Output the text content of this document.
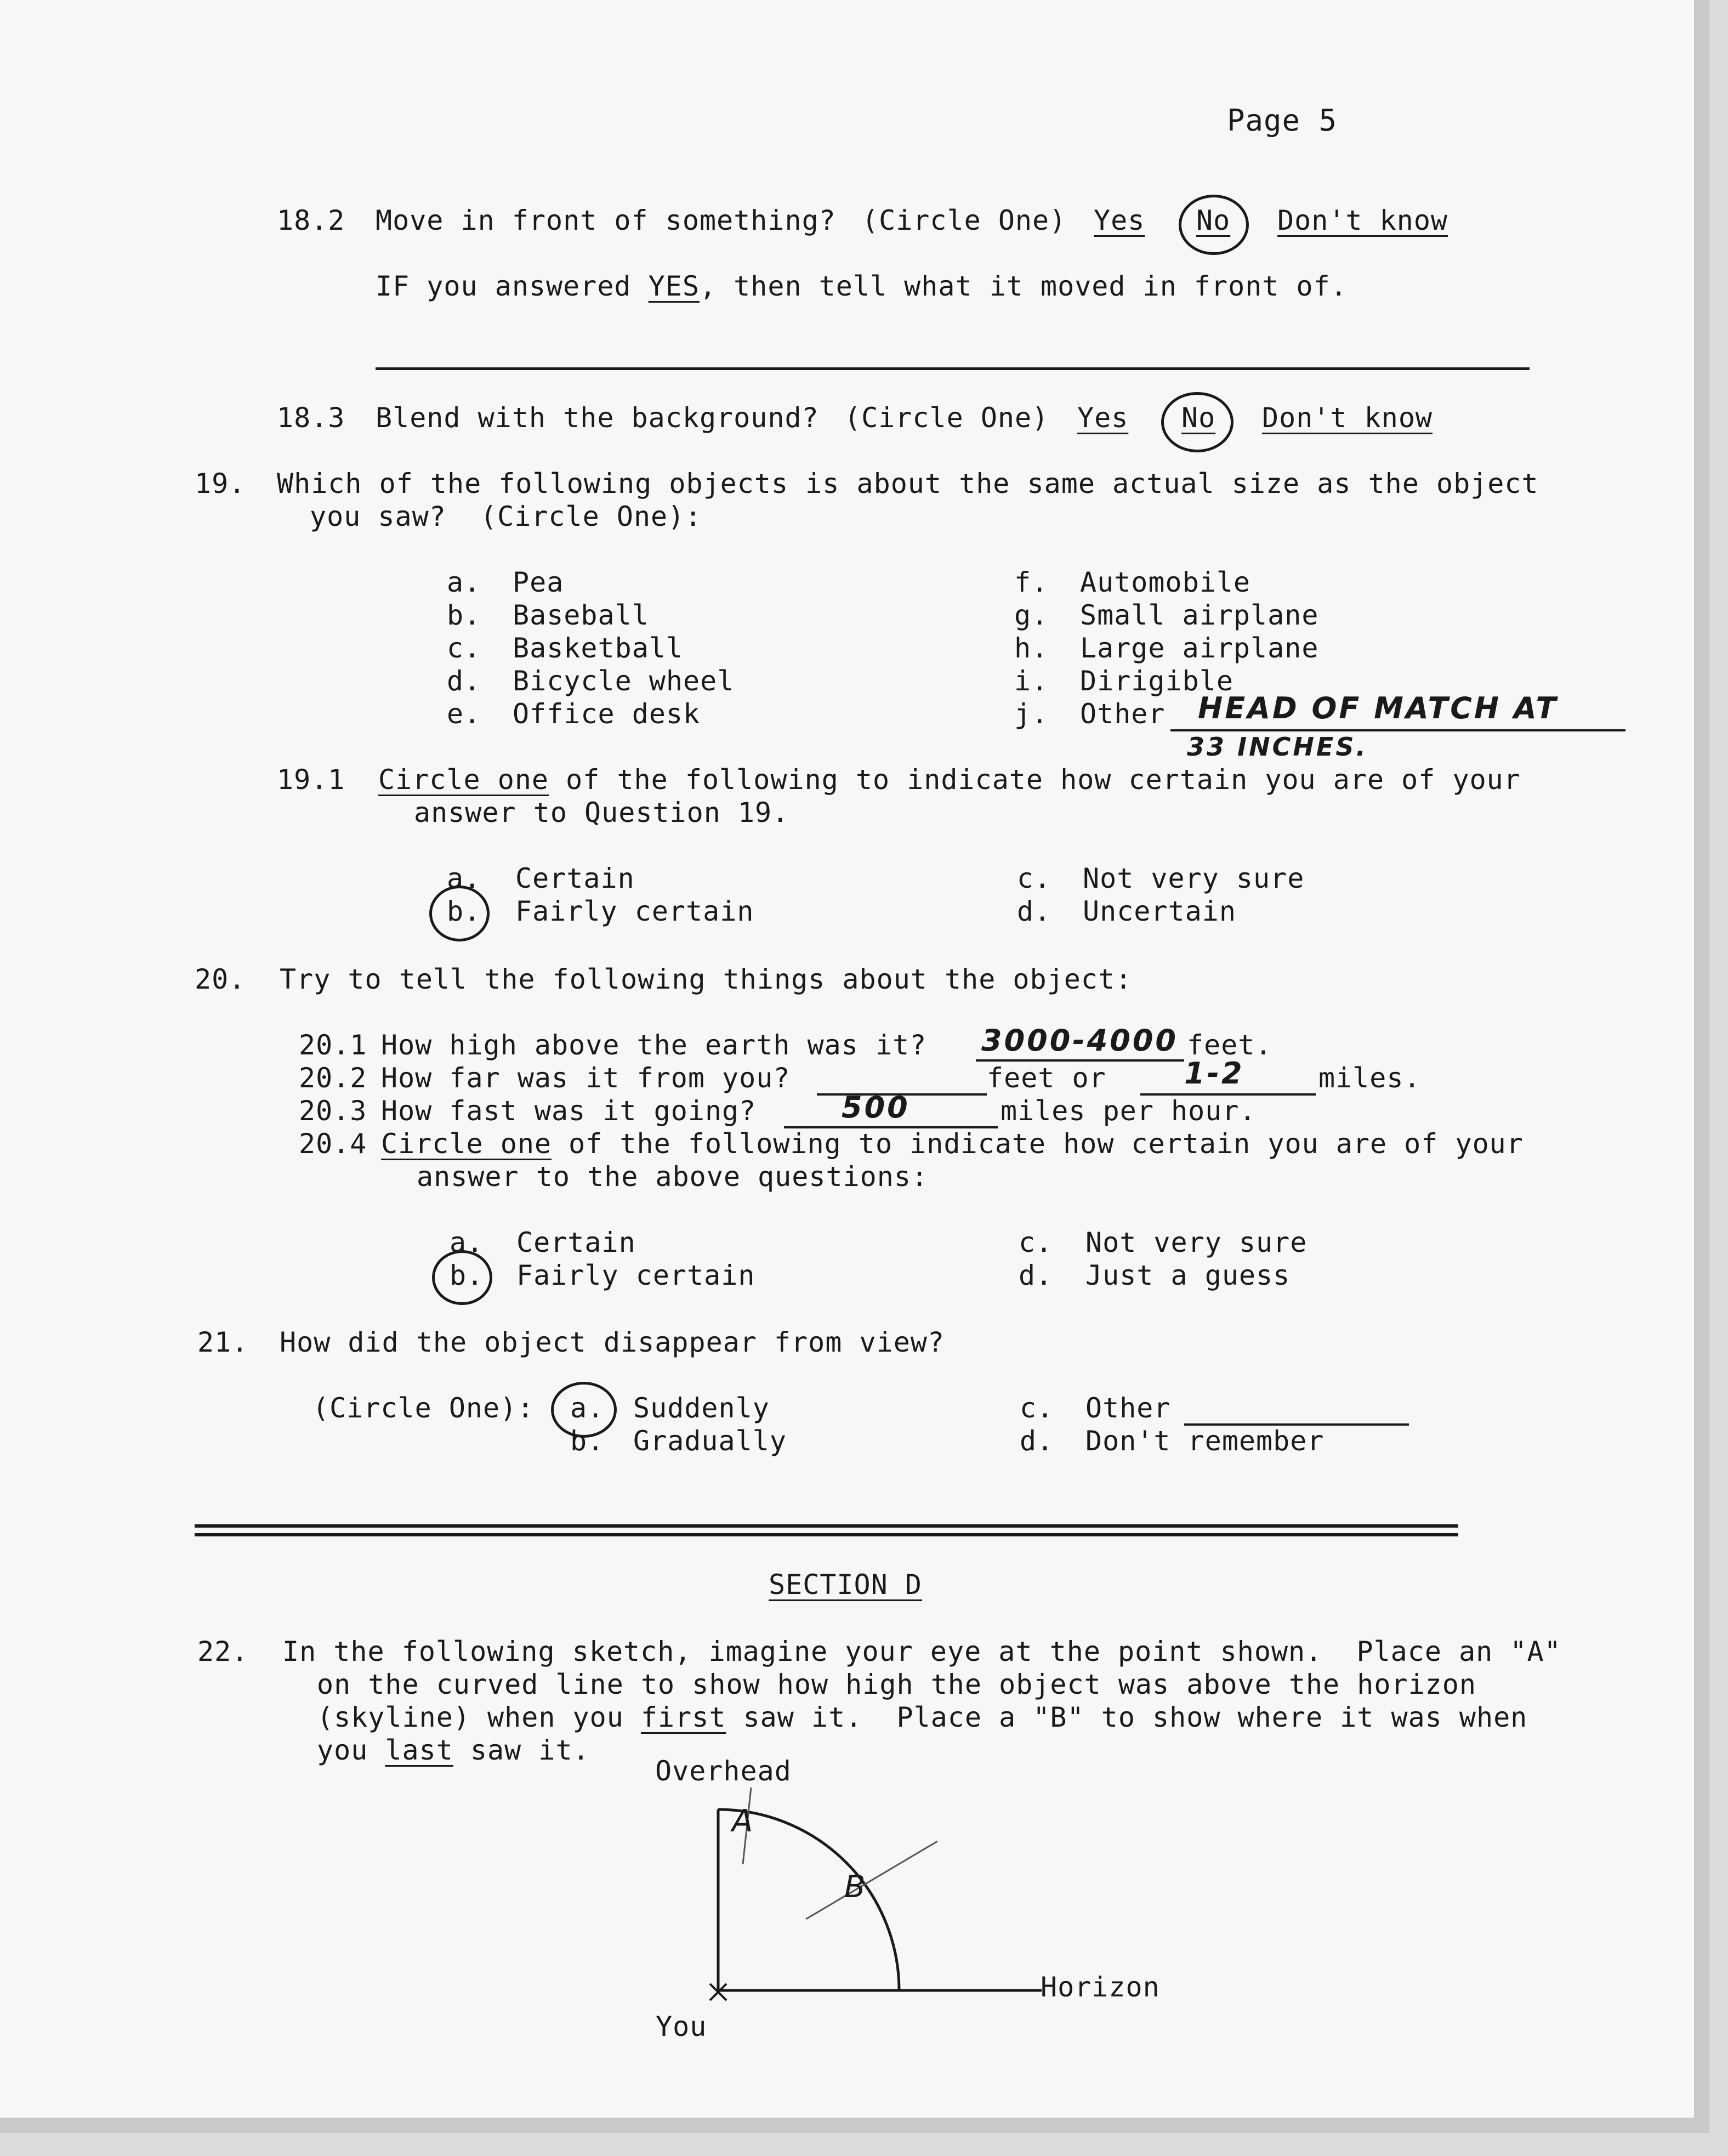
Page 5
18.2 Move in front of something? (Circle One) Yes No Don't know
IF you answered YES, then tell what it moved in front of.
18.3 Blend with the background? (Circle One) Yes No Don't know
19. Which of the following objects is about the same actual size as the object
you saw?  (Circle One):
a. Pea
b. Baseball
c. Basketball
d. Bicycle wheel
e. Office desk
f. Automobile
g. Small airplane
h. Large airplane
i. Dirigible
j. Other HEAD OF MATCH AT
33 INCHES.
19.1 Circle one of the following to indicate how certain you are of your
answer to Question 19.
a. Certain
b. Fairly certain
c. Not very sure
d. Uncertain
20. Try to tell the following things about the object:
20.1 How high above the earth was it? 3000-4000 feet.
20.2 How far was it from you?	feet or	1-2	miles.
20.3 How fast was it going?	500	miles per hour.
20.4 Circle one of the following to indicate how certain you are of your
answer to the above questions:
a. Certain
b. Fairly certain
c. Not very sure
d. Just a guess
21. How did the object disappear from view?
(Circle One): a. Suddenly
b. Gradually
c. Other
d. Don't remember
SECTION D
22. In the following sketch, imagine your eye at the point shown.  Place an "A"
on the curved line to show how high the object was above the horizon
(skyline) when you first saw it.  Place a "B" to show where it was when
you last saw it.
Overhead
Horizon
You
A
B
